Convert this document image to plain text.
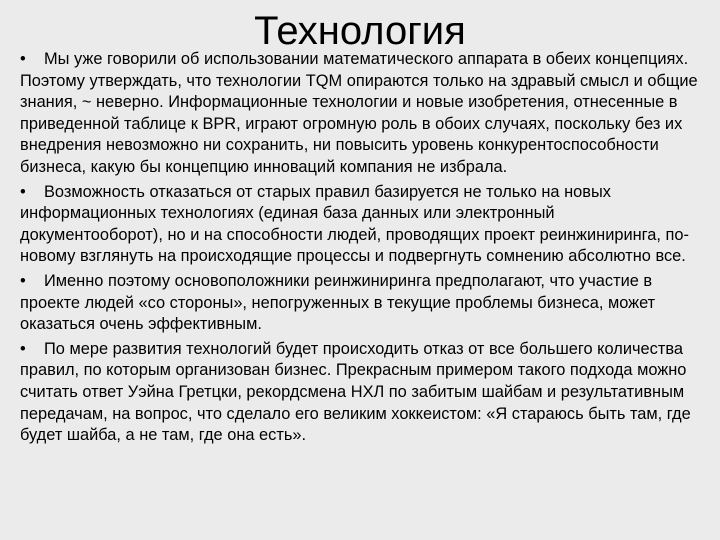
Технология

• Мы уже говорили об использовании математического аппарата в обеих концепциях. Поэтому утверждать, что технологии TQM опираются только на здравый смысл и общие знания, ~ неверно. Информационные технологии и новые изобретения, отнесенные в приведенной таблице к BPR, играют огромную роль в обоих случаях, поскольку без их внедрения невозможно ни сохранить, ни повысить уровень конкурентоспособности бизнеса, какую бы концепцию инноваций компания не избрала.

• Возможность отказаться от старых правил базируется не только на новых информационных технологиях (единая база данных или электронный документооборот), но и на способности людей, проводящих проект реинжиниринга, по-новому взглянуть на происходящие процессы и подвергнуть сомнению абсолютно все.

• Именно поэтому основоположники реинжиниринга предполагают, что участие в проекте людей «со стороны», непогруженных в текущие проблемы бизнеса, может оказаться очень эффективным.

• По мере развития технологий будет происходить отказ от все большего количества правил, по которым организован бизнес. Прекрасным примером такого подхода можно считать ответ Уэйна Гретцки, рекордсмена НХЛ по забитым шайбам и результативным передачам, на вопрос, что сделало его великим хоккеистом: «Я стараюсь быть там, где будет шайба, а не там, где она есть».
